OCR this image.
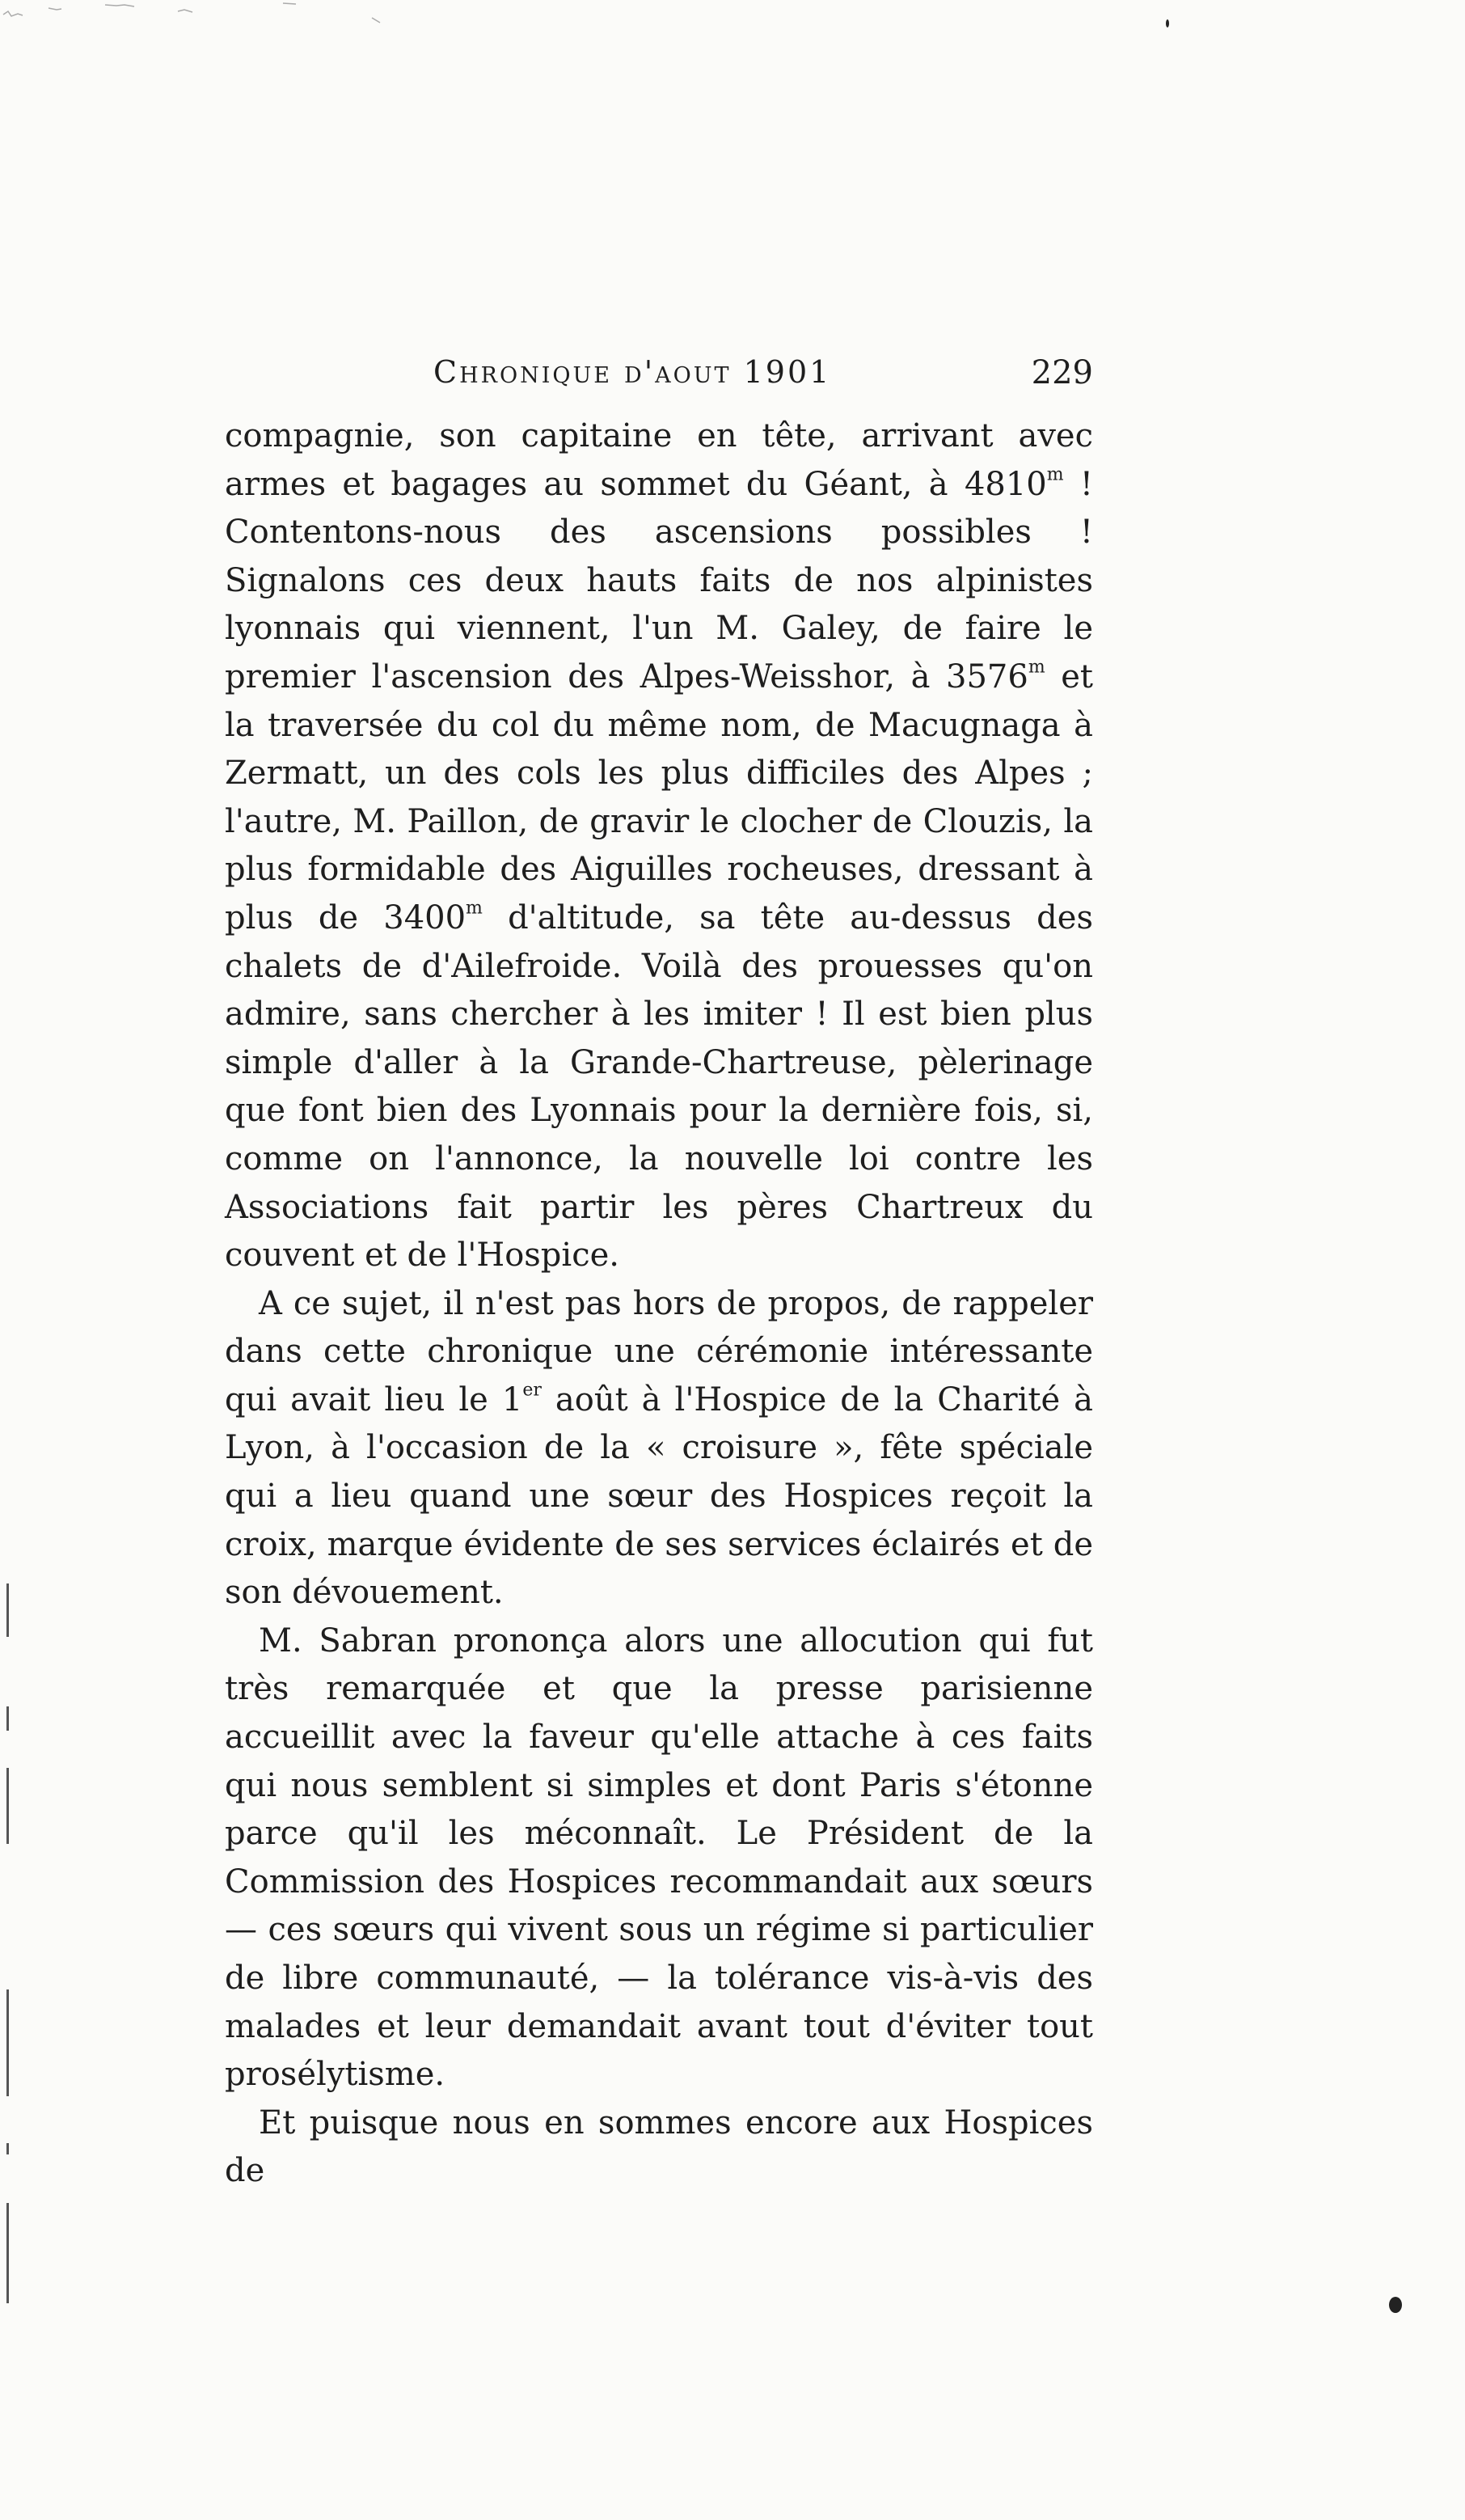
Chronique d'aout 1901	229

compagnie, son capitaine en tête, arrivant avec armes et bagages au sommet du Géant, à 4810$^m$ ! Contentons-nous des ascensions possibles ! Signalons ces deux hauts faits de nos alpinistes lyonnais qui viennent, l'un M. Galey, de faire le premier l'ascension des Alpes-Weisshor, à 3576$^m$ et la traversée du col du même nom, de Macugnaga à Zermatt, un des cols les plus difficiles des Alpes ; l'autre, M. Paillon, de gravir le clocher de Clouzis, la plus formidable des Aiguilles rocheuses, dressant à plus de 3400$^m$ d'altitude, sa tête au-dessus des chalets de d'Ailefroide. Voilà des prouesses qu'on admire, sans chercher à les imiter ! Il est bien plus simple d'aller à la Grande-Chartreuse, pèlerinage que font bien des Lyonnais pour la dernière fois, si, comme on l'annonce, la nouvelle loi contre les Associations fait partir les pères Chartreux du couvent et de l'Hospice.

A ce sujet, il n'est pas hors de propos, de rappeler dans cette chronique une cérémonie intéressante qui avait lieu le 1er août à l'Hospice de la Charité à Lyon, à l'occasion de la « croisure », fête spéciale qui a lieu quand une sœur des Hospices reçoit la croix, marque évidente de ses services éclairés et de son dévouement.

M. Sabran prononça alors une allocution qui fut très remarquée et que la presse parisienne accueillit avec la faveur qu'elle attache à ces faits qui nous semblent si simples et dont Paris s'étonne parce qu'il les méconnaît. Le Président de la Commission des Hospices recommandait aux sœurs — ces sœurs qui vivent sous un régime si particulier de libre communauté, — la tolérance vis-à-vis des malades et leur demandait avant tout d'éviter tout prosélytisme.

Et puisque nous en sommes encore aux Hospices de
